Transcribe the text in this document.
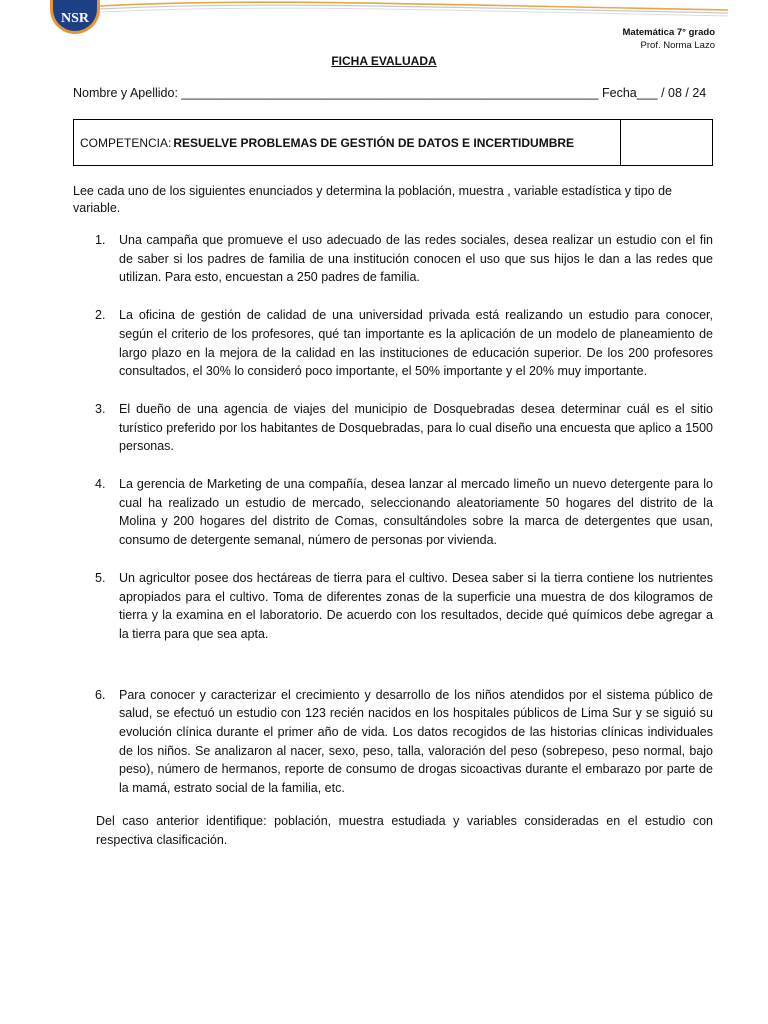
NSR
Matemática 7° grado
Prof. Norma Lazo
FICHA EVALUADA
Nombre y Apellido: ____________________________________________________________ Fecha___ / 08 / 24
COMPETENCIA: RESUELVE PROBLEMAS DE GESTIÓN DE DATOS E INCERTIDUMBRE
Lee cada uno de los siguientes enunciados y determina la población, muestra , variable estadística y tipo de variable.
1.	Una campaña que promueve el uso adecuado de las redes sociales, desea realizar un estudio con el fin de saber si los padres de familia de una institución conocen el uso que sus hijos le dan a las redes que utilizan. Para esto, encuestan a 250 padres de familia.
2.	La oficina de gestión de calidad de una universidad privada está realizando un estudio para conocer, según el criterio de los profesores, qué tan importante es la aplicación de un modelo de planeamiento de largo plazo en la mejora de la calidad en las instituciones de educación superior. De los 200 profesores consultados, el 30% lo consideró poco importante, el 50% importante y el 20% muy importante.
3.	El dueño de una agencia de viajes del municipio de Dosquebradas desea determinar cuál es el sitio turístico preferido por los habitantes de Dosquebradas, para lo cual diseño una encuesta que aplico a 1500 personas.
4.	La gerencia de Marketing de una compañía, desea lanzar al mercado limeño un nuevo detergente para lo cual ha realizado un estudio de mercado, seleccionando aleatoriamente 50 hogares del distrito de la Molina y 200 hogares del distrito de Comas, consultándoles sobre la marca de detergentes que usan, consumo de detergente semanal, número de personas por vivienda.
5.	Un agricultor posee dos hectáreas de tierra para el cultivo. Desea saber si la tierra contiene los nutrientes apropiados para el cultivo. Toma de diferentes zonas de la superficie una muestra de dos kilogramos de tierra y la examina en el laboratorio. De acuerdo con los resultados, decide qué químicos debe agregar a la tierra para que sea apta.
6.	Para conocer y caracterizar el crecimiento y desarrollo de los niños atendidos por el sistema público de salud, se efectuó un estudio con 123 recién nacidos en los hospitales públicos de Lima Sur y se siguió su evolución clínica durante el primer año de vida. Los datos recogidos de las historias clínicas individuales de los niños. Se analizaron al nacer, sexo, peso, talla, valoración del peso (sobrepeso, peso normal, bajo peso), número de hermanos, reporte de consumo de drogas sicoactivas durante el embarazo por parte de la mamá, estrato social de la familia, etc.
Del caso anterior identifique: población, muestra estudiada y variables consideradas en el estudio con respectiva clasificación.
